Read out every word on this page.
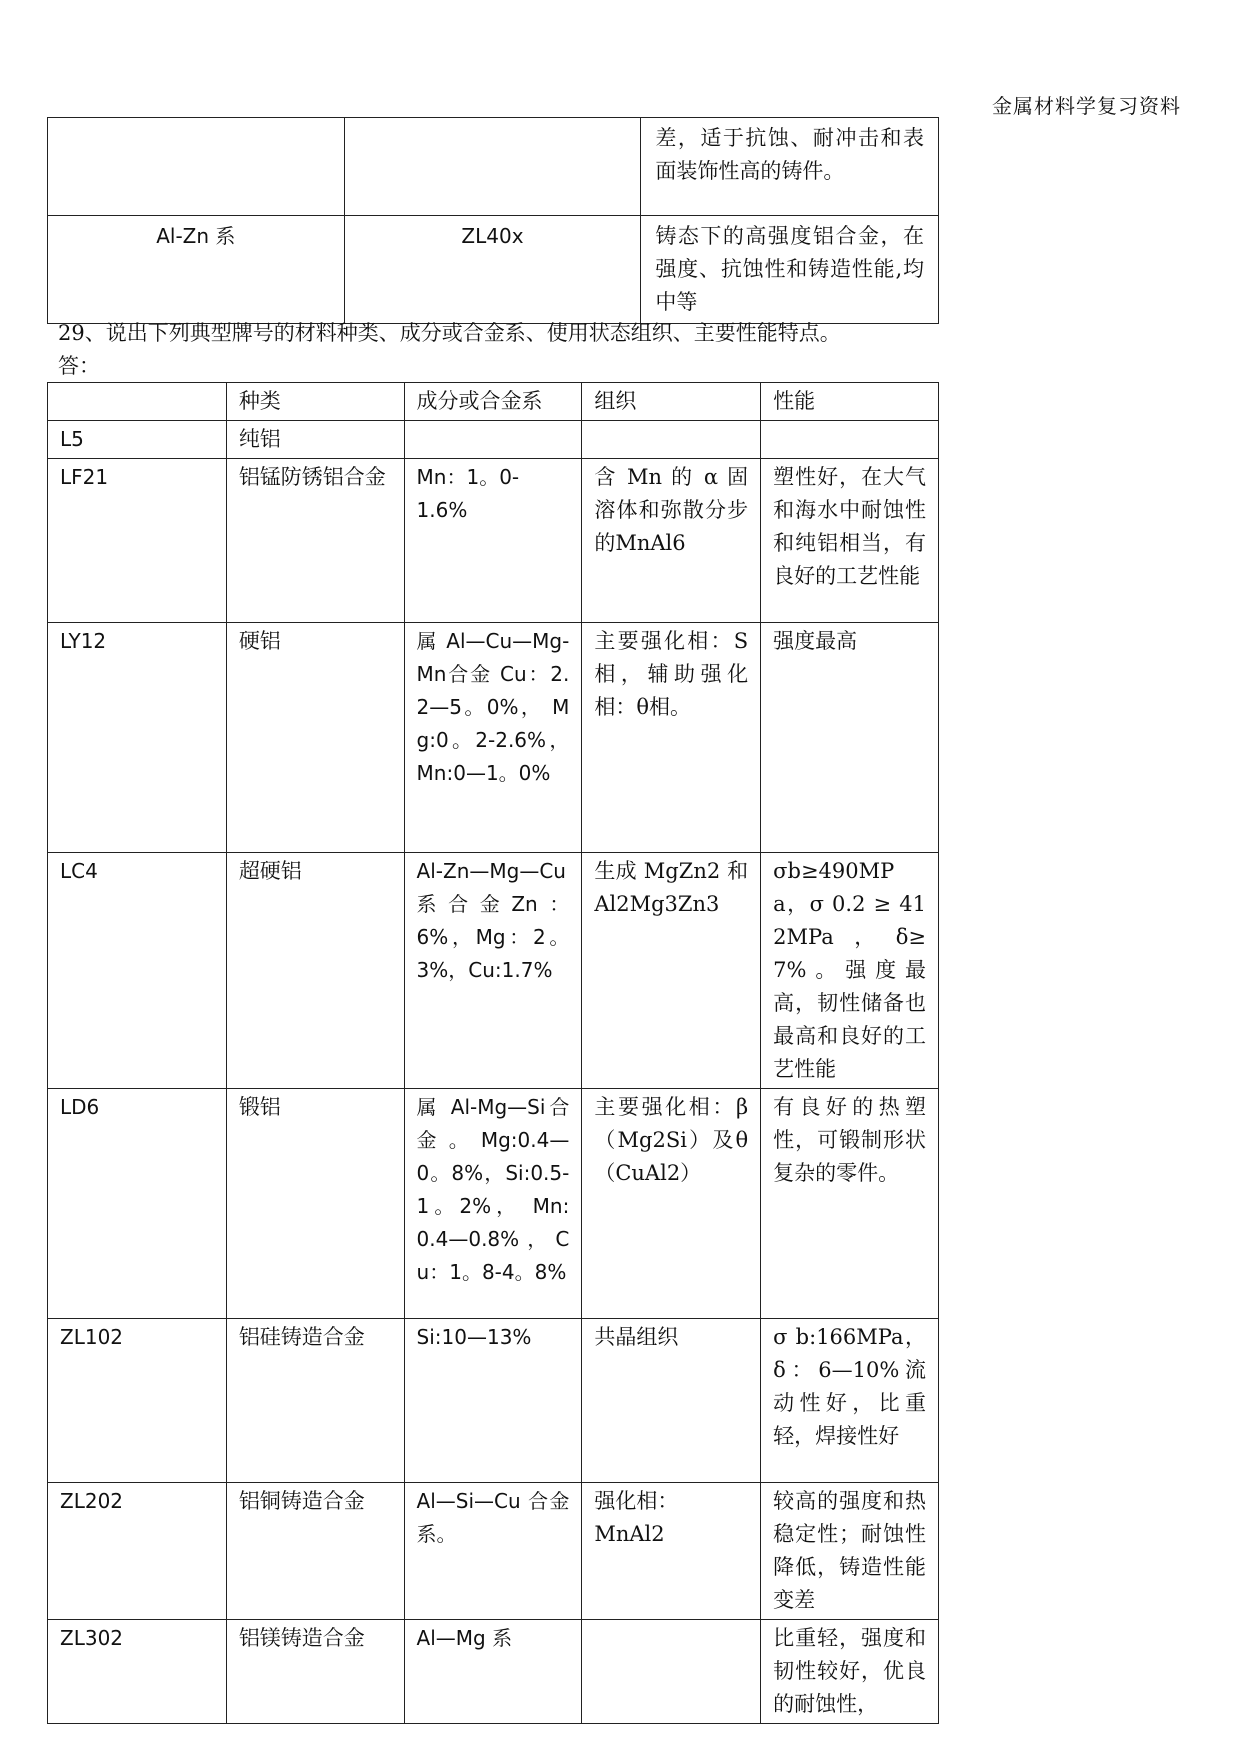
金属材料学复习资料
		差，适于抗蚀、耐冲击和表面装饰性高的铸件。
Al-Zn 系	ZL40x	铸态下的高强度铝合金，在强度、抗蚀性和铸造性能,均中等
29、说出下列典型牌号的材料种类、成分或合金系、使用状态组织、主要性能特点。
答：
	种类	成分或合金系	组织	性能
L5	纯铝			
LF21	铝锰防锈铝合金	Mn：1。0-1.6%	含 Mn 的 α 固溶体和弥散分步的MnAl6	塑性好，在大气和海水中耐蚀性和纯铝相当，有良好的工艺性能
LY12	硬铝	属Al—Cu—Mg-Mn合金 Cu：2.2—5。0%， Mg:0。2-2.6%，Mn:0—1。0%	主要强化相：S相，辅助强化相：θ相。	强度最高
LC4	超硬铝	Al-Zn—Mg—Cu系合金Zn：6%，Mg：2。3%，Cu:1.7%	生成 MgZn2 和Al2Mg3Zn3	σb≥490MPa，σ 0.2 ≥ 412MPa，δ≥7%。强度最高，韧性储备也最高和良好的工艺性能
LD6	锻铝	属 Al-Mg—Si合金。Mg:0.4—0。8%，Si:0.5-1。2%， Mn: 0.4—0.8%，Cu：1。8-4。8%	主要强化相：β（Mg2Si）及θ（CuAl2）	有良好的热塑性，可锻制形状复杂的零件。
ZL102	铝硅铸造合金	Si:10—13%	共晶组织	σ b:166MPa，δ：6—10%流动性好，比重轻，焊接性好
ZL202	铝铜铸造合金	Al—Si—Cu 合金系。	强化相：MnAl2	较高的强度和热稳定性；耐蚀性降低，铸造性能变差
ZL302	铝镁铸造合金	Al—Mg 系		比重轻，强度和韧性较好，优良的耐蚀性，
